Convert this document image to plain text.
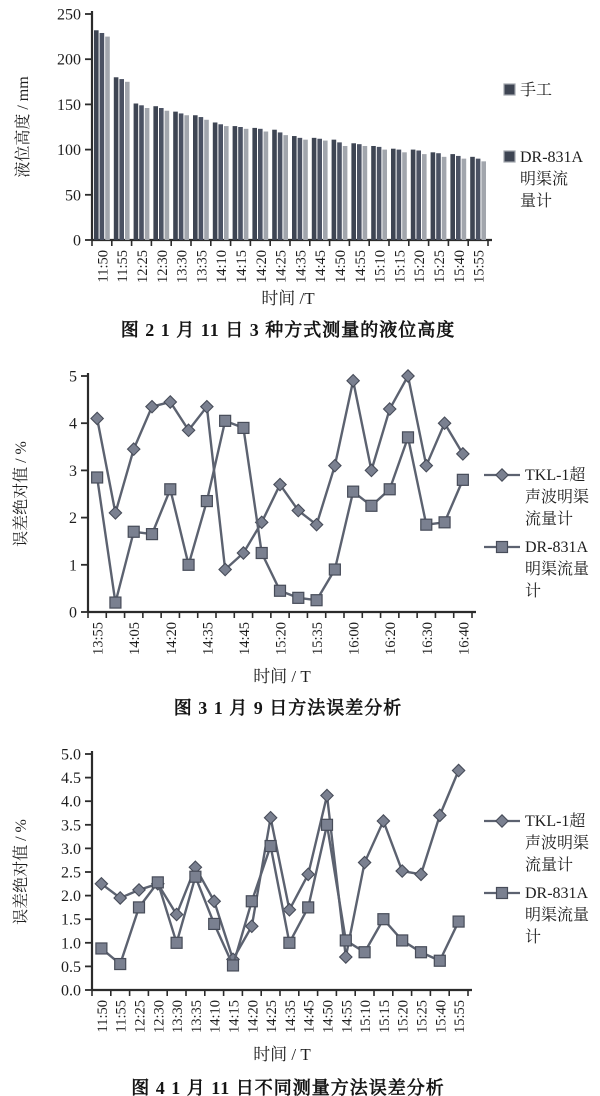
0
50
100
150
200
250
液位高度 / mm
时间 /T
11:50 11:55 12:25 12:30 13:30 13:35 14:10 14:15 14:20 14:25 14:35 14:45 14:50 14:55 15:10 15:15 15:20 15:25 15:40 15:55
手工
DR-831A
明渠流
量计
图 2 1 月 11 日 3 种方式测量的液位高度
0
1
2
3
4
5
误差绝对值 / %
时间 / T
13:55 14:05 14:20 14:35 14:45 15:20 15:35 16:00 16:20 16:30 16:40
TKL-1超
声波明渠
流量计
DR-831A
明渠流量
计
图 3 1 月 9 日方法误差分析
0.0
0.5
1.0
1.5
2.0
2.5
3.0
3.5
4.0
4.5
5.0
误差绝对值 / %
时间 / T
11:50 11:55 12:25 12:30 13:30 13:35 14:10 14:15 14:20 14:25 14:35 14:45 14:50 14:55 15:10 15:15 15:20 15:25 15:40 15:55
TKL-1超
声波明渠
流量计
DR-831A
明渠流量
计
图 4 1 月 11 日不同测量方法误差分析
